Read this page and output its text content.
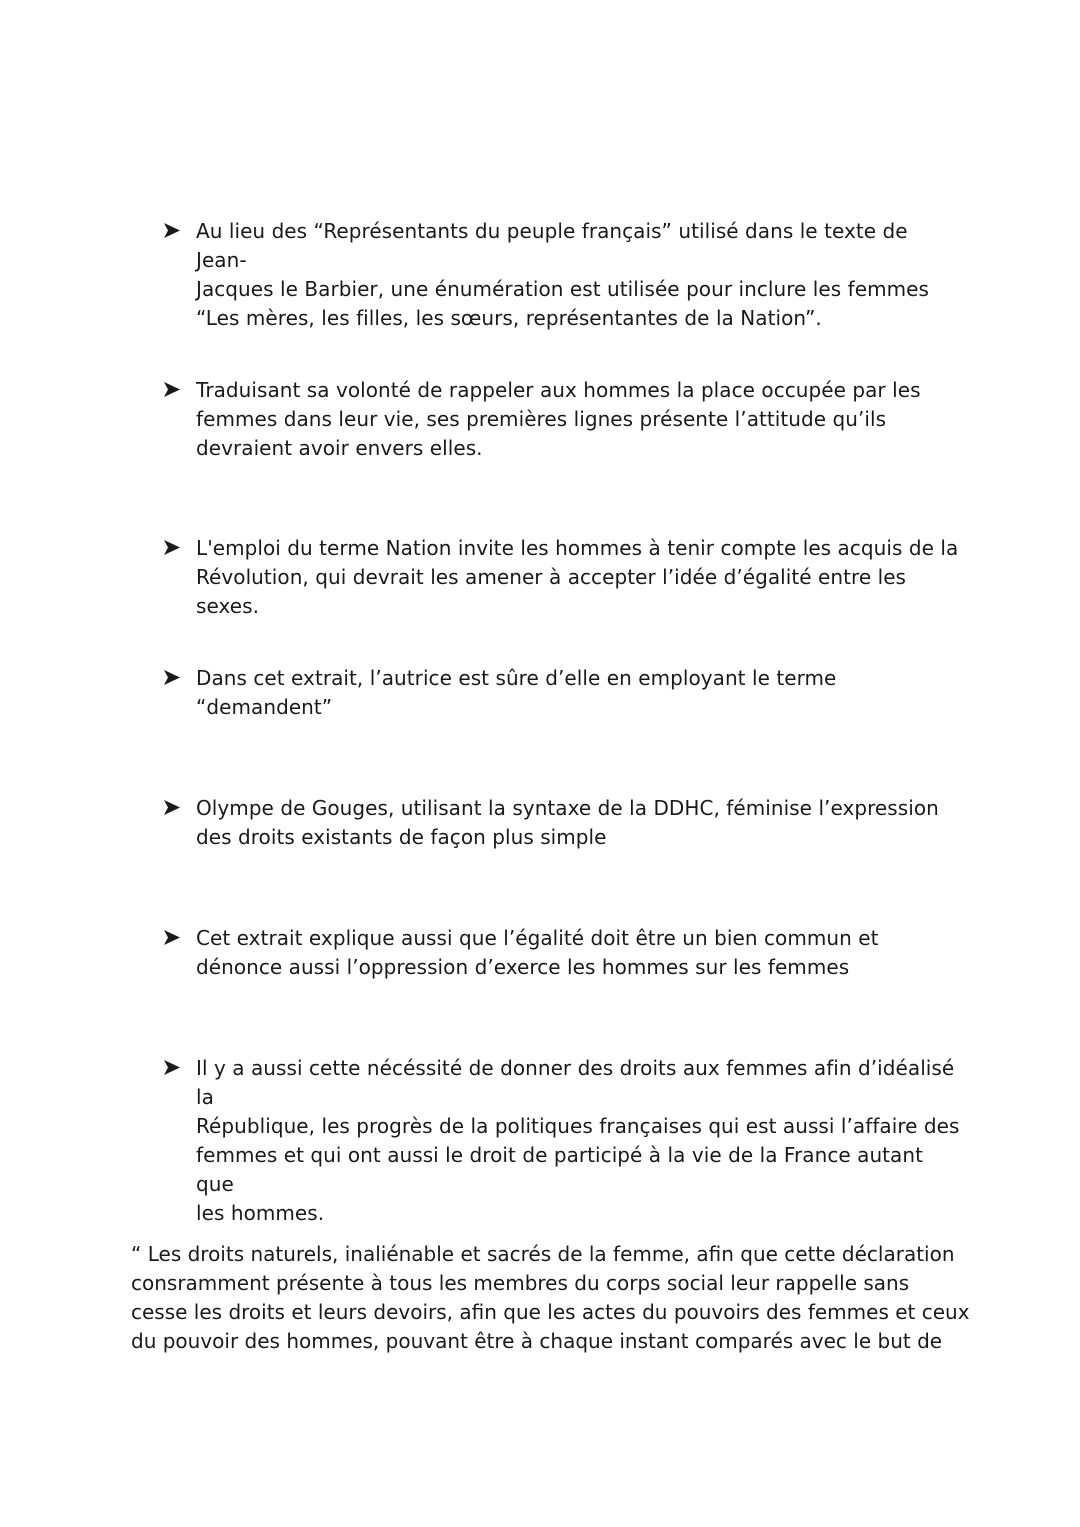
Au lieu des “Représentants du peuple français” utilisé dans le texte de Jean-
Jacques le Barbier, une énumération est utilisée pour inclure les femmes
“Les mères, les filles, les sœurs, représentantes de la Nation”.
Traduisant sa volonté de rappeler aux hommes la place occupée par les
femmes dans leur vie, ses premières lignes présente l’attitude qu’ils
devraient avoir envers elles.
L'emploi du terme Nation invite les hommes à tenir compte les acquis de la
Révolution, qui devrait les amener à accepter l’idée d’égalité entre les sexes.
Dans cet extrait, l’autrice est sûre d’elle en employant le terme
“demandent”
Olympe de Gouges, utilisant la syntaxe de la DDHC, féminise l’expression
des droits existants de façon plus simple
Cet extrait explique aussi que l’égalité doit être un bien commun et
dénonce aussi l’oppression d’exerce les hommes sur les femmes
Il y a aussi cette nécéssité de donner des droits aux femmes afin d’idéalisé la
République, les progrès de la politiques françaises qui est aussi l’affaire des
femmes et qui ont aussi le droit de participé à la vie de la France autant que
les hommes.
“ Les droits naturels, inaliénable et sacrés de la femme, afin que cette déclaration
consramment présente à tous les membres du corps social leur rappelle sans
cesse les droits et leurs devoirs, afin que les actes du pouvoirs des femmes et ceux
du pouvoir des hommes, pouvant être à chaque instant comparés avec le but de
